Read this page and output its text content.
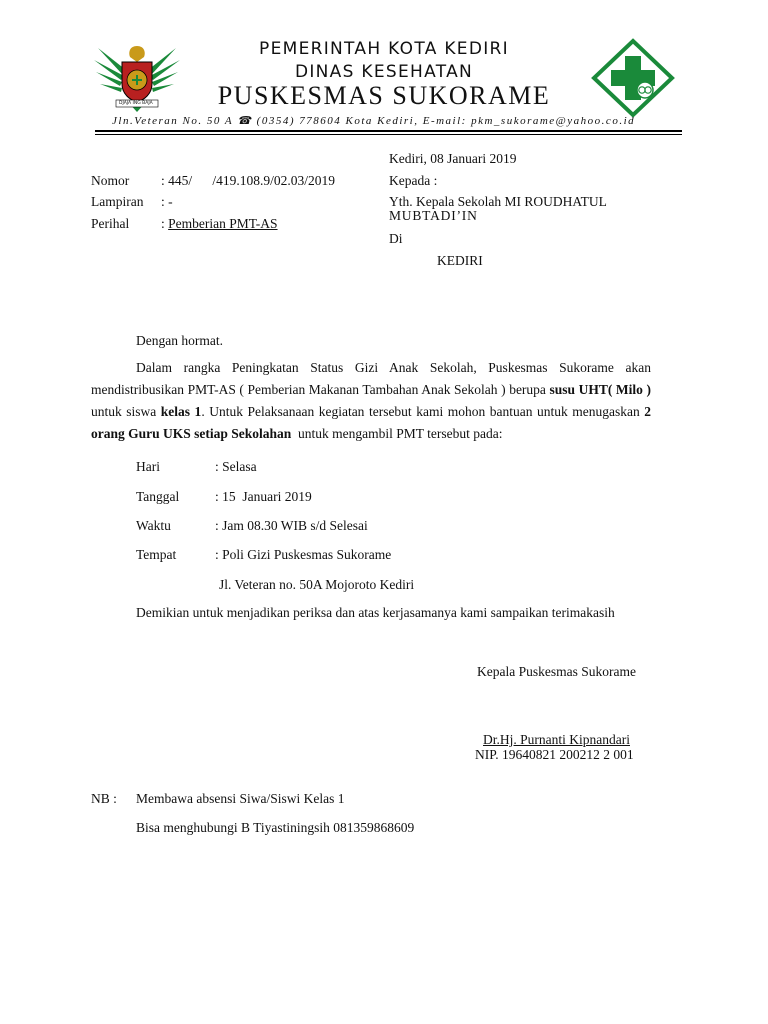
DJAJA ING BAJA
PEMERINTAH KOTA KEDIRI
DINAS KESEHATAN
PUSKESMAS SUKORAME
Jln.Veteran No. 50 A ☎ (0354) 778604 Kota Kediri, E-mail: pkm_sukorame@yahoo.co.id
Kediri, 08 Januari 2019
Nomor : 445/      /419.108.9/02.03/2019
Lampiran : -
Perihal : Pemberian PMT-AS
Kepada :
Yth. Kepala Sekolah MI ROUDHATUL
MUBTADI’IN
Di
KEDIRI
Dengan hormat.

Dalam rangka Peningkatan Status Gizi Anak Sekolah, Puskesmas Sukorame akan mendistribusikan PMT-AS ( Pemberian Makanan Tambahan Anak Sekolah ) berupa susu UHT( Milo ) untuk siswa kelas 1. Untuk Pelaksanaan kegiatan tersebut kami mohon bantuan untuk menugaskan 2 orang Guru UKS setiap Sekolahan  untuk mengambil PMT tersebut pada:

Hari	: Selasa
Tanggal	: 15  Januari 2019
Waktu	: Jam 08.30 WIB s/d Selesai
Tempat	: Poli Gizi Puskesmas Sukorame
Jl. Veteran no. 50A Mojoroto Kediri
Demikian untuk menjadikan periksa dan atas kerjasamanya kami sampaikan terimakasih
Kepala Puskesmas Sukorame
Dr.Hj. Purnanti Kipnandari
NIP. 19640821 200212 2 001
NB : Membawa absensi Siwa/Siswi Kelas 1
Bisa menghubungi B Tiyastiningsih 081359868609
